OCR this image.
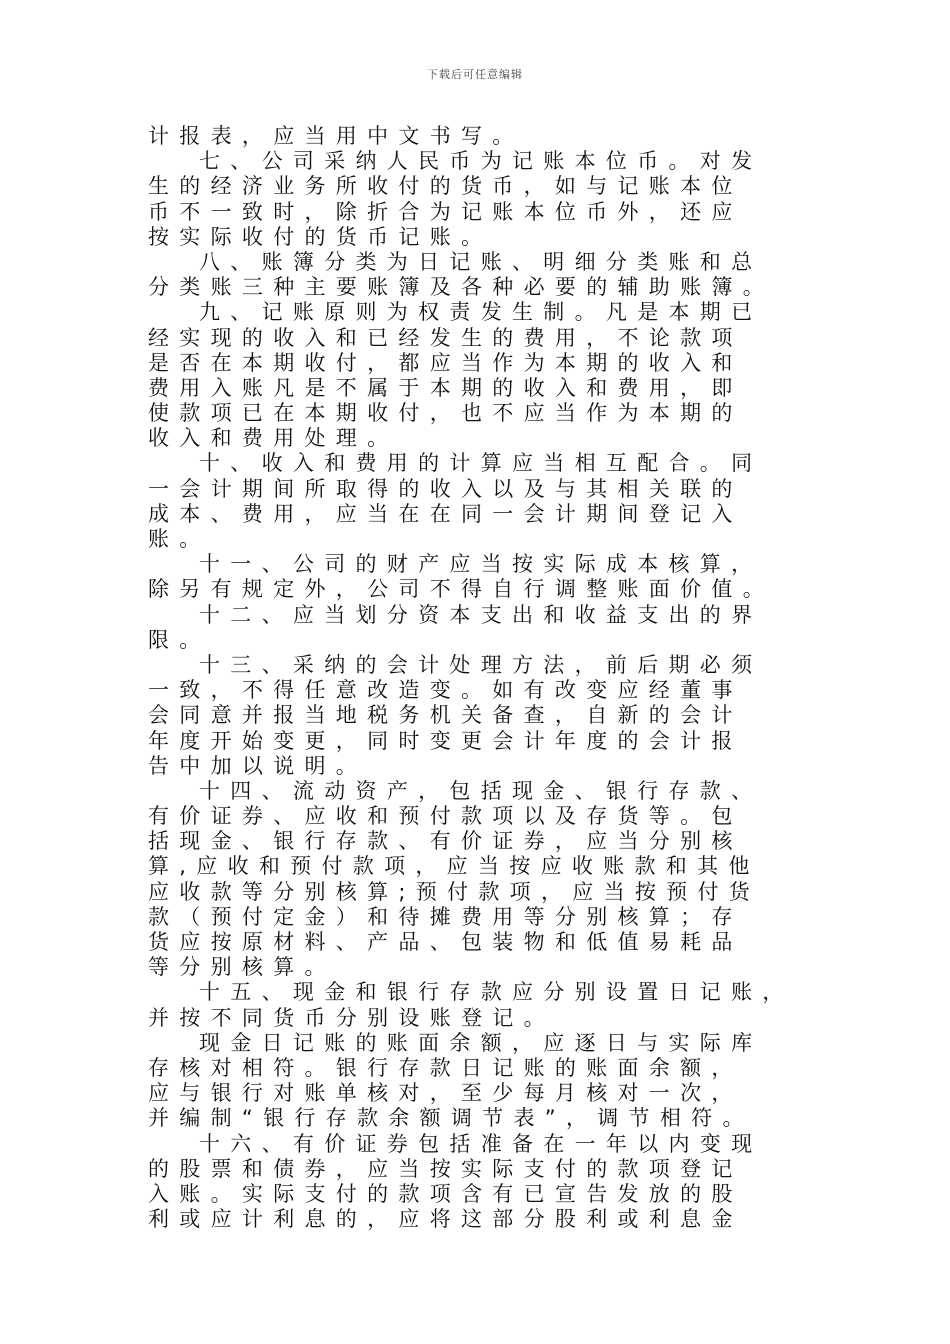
下载后可任意编辑
计报表，应当用中文书写。
七、公司采纳人民币为记账本位币。对发
生的经济业务所收付的货币，如与记账本位
币不一致时，除折合为记账本位币外，还应
按实际收付的货币记账。
八、账簿分类为日记账、明细分类账和总
分类账三种主要账簿及各种必要的辅助账簿。
九、记账原则为权责发生制。凡是本期已
经实现的收入和已经发生的费用，不论款项
是否在本期收付，都应当作为本期的收入和
费用入账凡是不属于本期的收入和费用，即
使款项已在本期收付，也不应当作为本期的
收入和费用处理。
十、收入和费用的计算应当相互配合。同
一会计期间所取得的收入以及与其相关联的
成本、费用，应当在在同一会计期间登记入
账。
十一、公司的财产应当按实际成本核算，
除另有规定外，公司不得自行调整账面价值。
十二、应当划分资本支出和收益支出的界
限。
十三、采纳的会计处理方法，前后期必须
一致，不得任意改造变。如有改变应经董事
会同意并报当地税务机关备查，自新的会计
年度开始变更，同时变更会计年度的会计报
告中加以说明。
十四、流动资产，包括现金、银行存款、
有价证券、应收和预付款项以及存货等。包
括现金、银行存款、有价证券，应当分别核
算,应收和预付款项，应当按应收账款和其他
应收款等分别核算;预付款项，应当按预付货
款（预付定金）和待摊费用等分别核算；存
货应按原材料、产品、包装物和低值易耗品
等分别核算。
十五、现金和银行存款应分别设置日记账，
并按不同货币分别设账登记。
现金日记账的账面余额，应逐日与实际库
存核对相符。银行存款日记账的账面余额，
应与银行对账单核对，至少每月核对一次，
并编制“银行存款余额调节表”，调节相符。
十六、有价证券包括准备在一年以内变现
的股票和债券，应当按实际支付的款项登记
入账。实际支付的款项含有已宣告发放的股
利或应计利息的，应将这部分股利或利息金
